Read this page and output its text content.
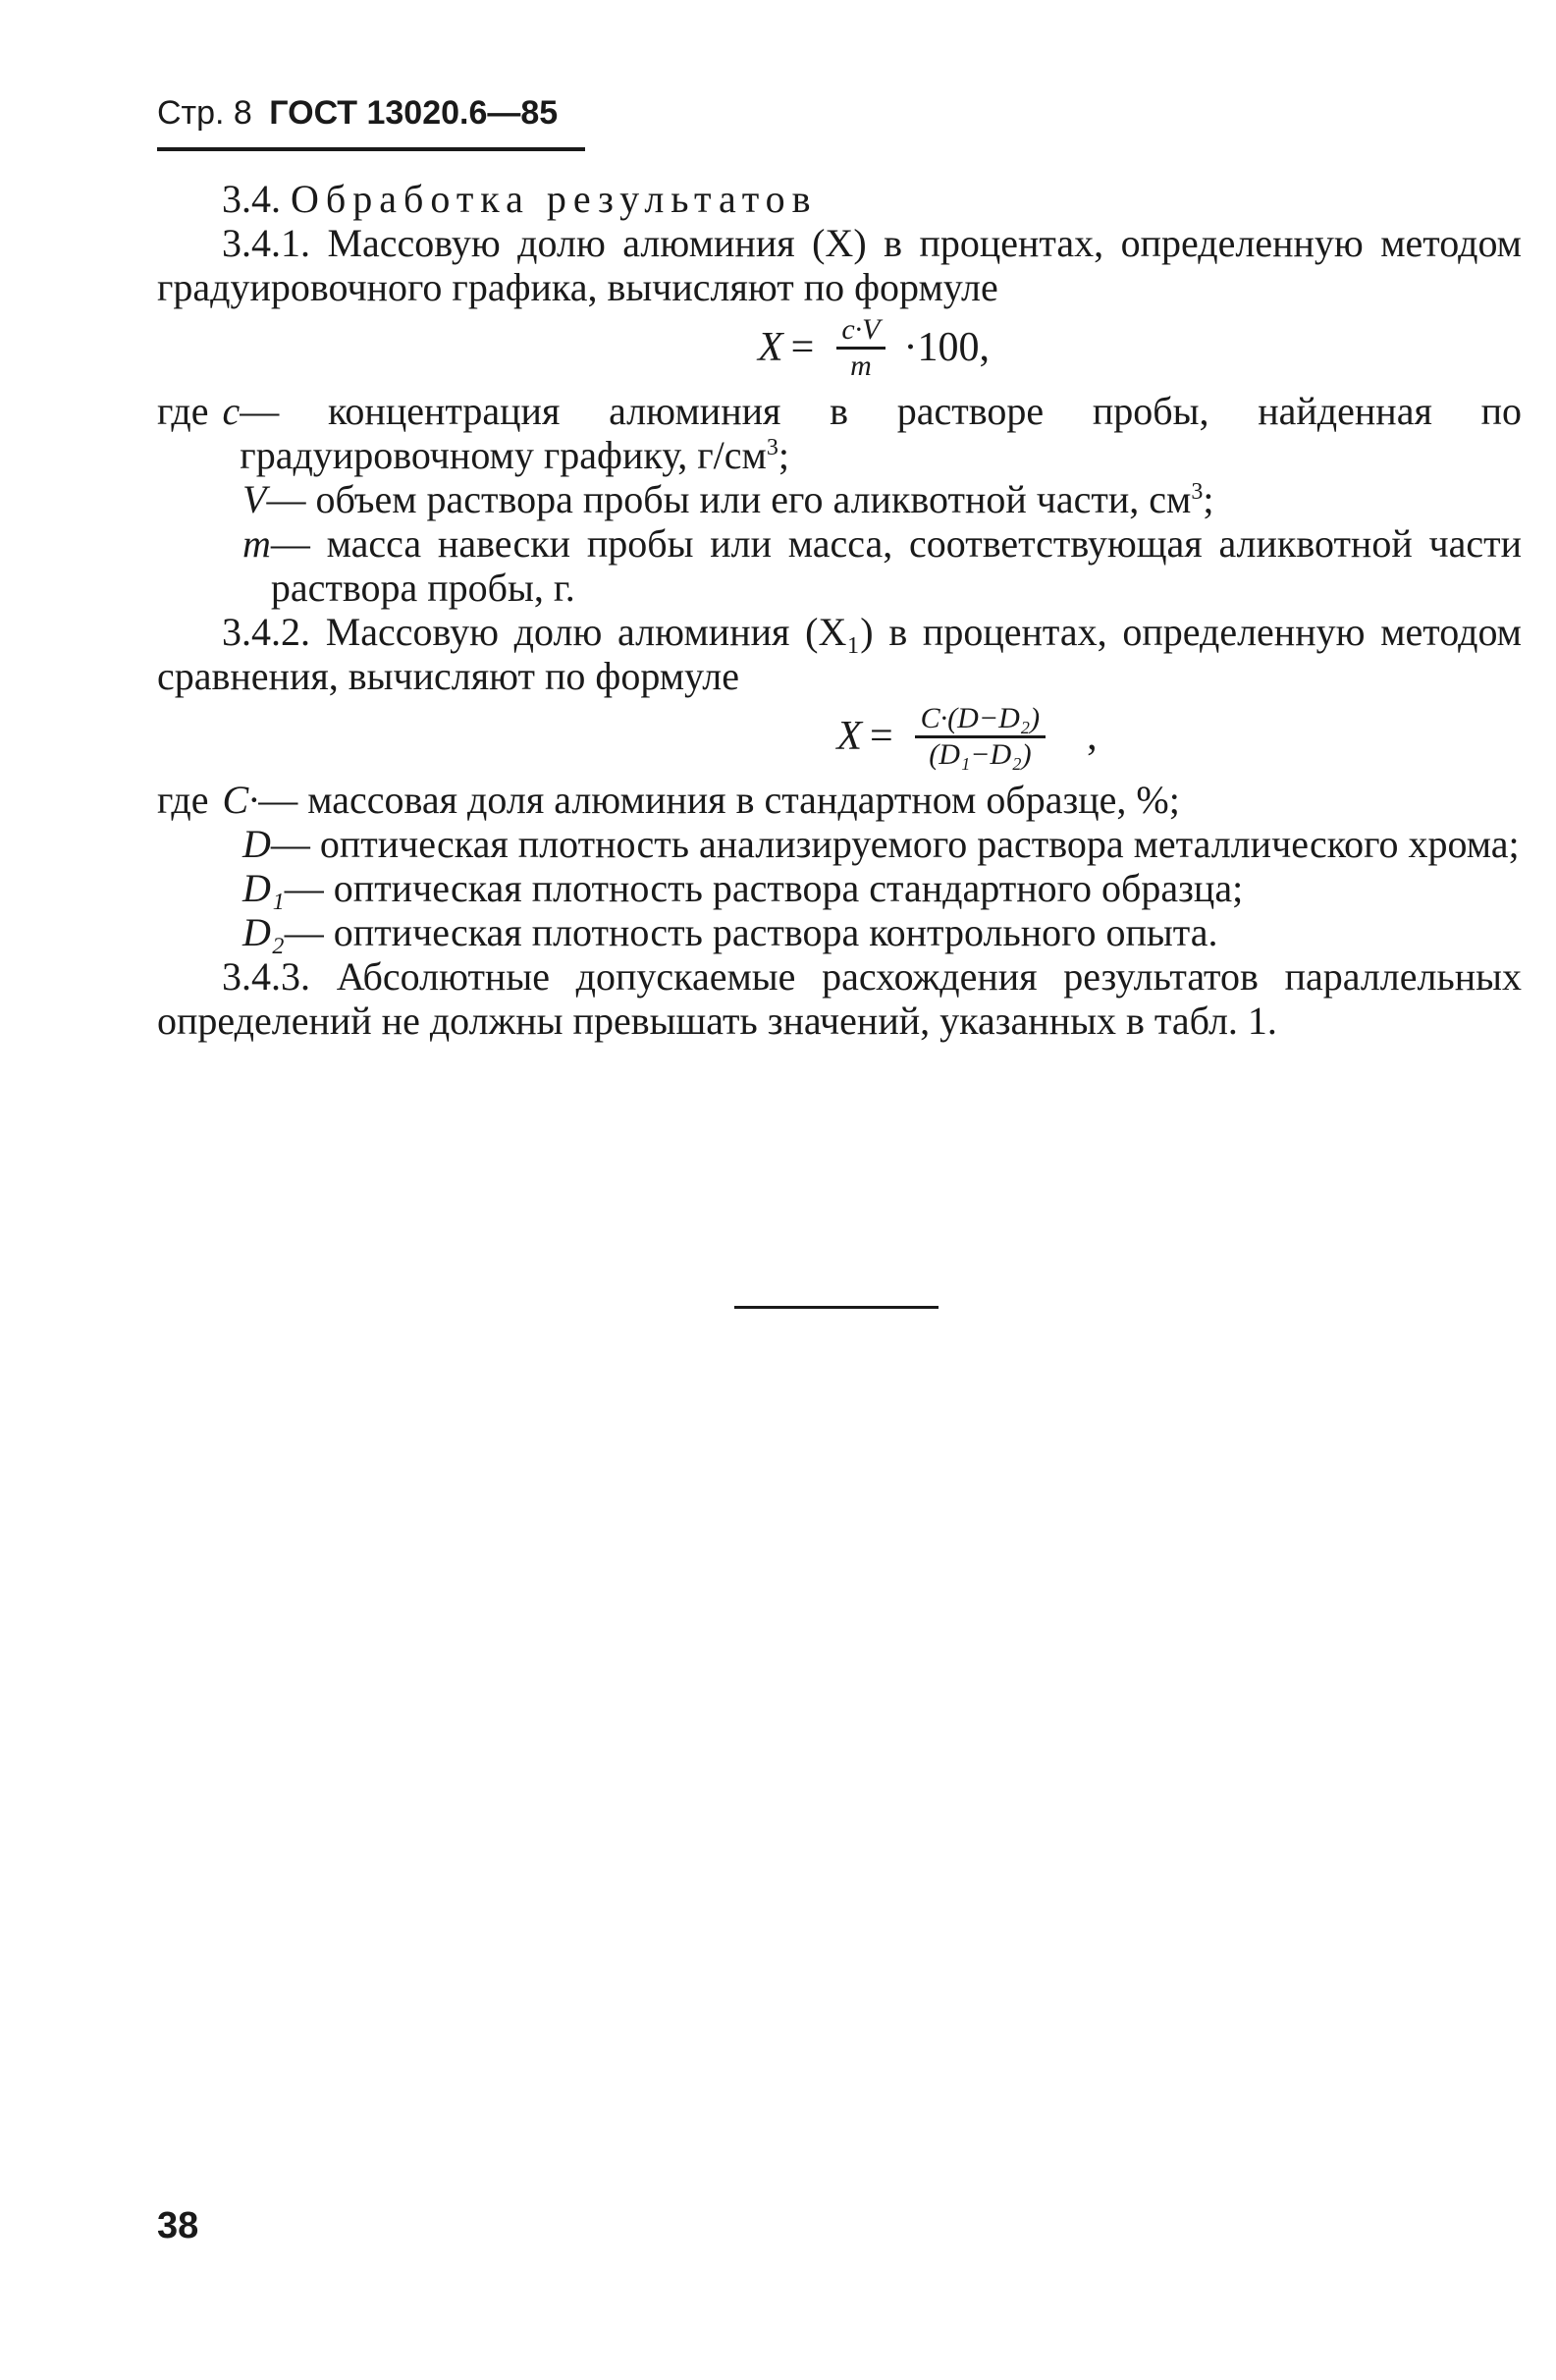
Стр. 8 ГОСТ 13020.6—85

3.4. Обработка результатов

3.4.1. Массовую долю алюминия (X) в процентах, определенную методом градуировочного графика, вычисляют по формуле

$X = \frac{c\cdot V}{m} \cdot 100$,
где c — концентрация алюминия в растворе пробы, найденная по градуировочному графику, $г/см^3$;
V — объем раствора пробы или его аликвотной части, $см^3$;
m — масса навески пробы или масса, соответствующая аликвотной части раствора пробы, г.

3.4.2. Массовую долю алюминия (X₁) в процентах, определенную методом сравнения, вычисляют по формуле

$X = \frac{\text{C·(D−D₂)}}{\text{(D₁−D₂)}}$ ,
где C· — массовая доля алюминия в стандартном образце, %;
D — оптическая плотность анализируемого раствора металлического хрома;
D₁ — оптическая плотность раствора стандартного образца;
D₂ — оптическая плотность раствора контрольного опыта.

3.4.3. Абсолютные допускаемые расхождения результатов параллельных определений не должны превышать значений, указанных в табл. 1.

38
